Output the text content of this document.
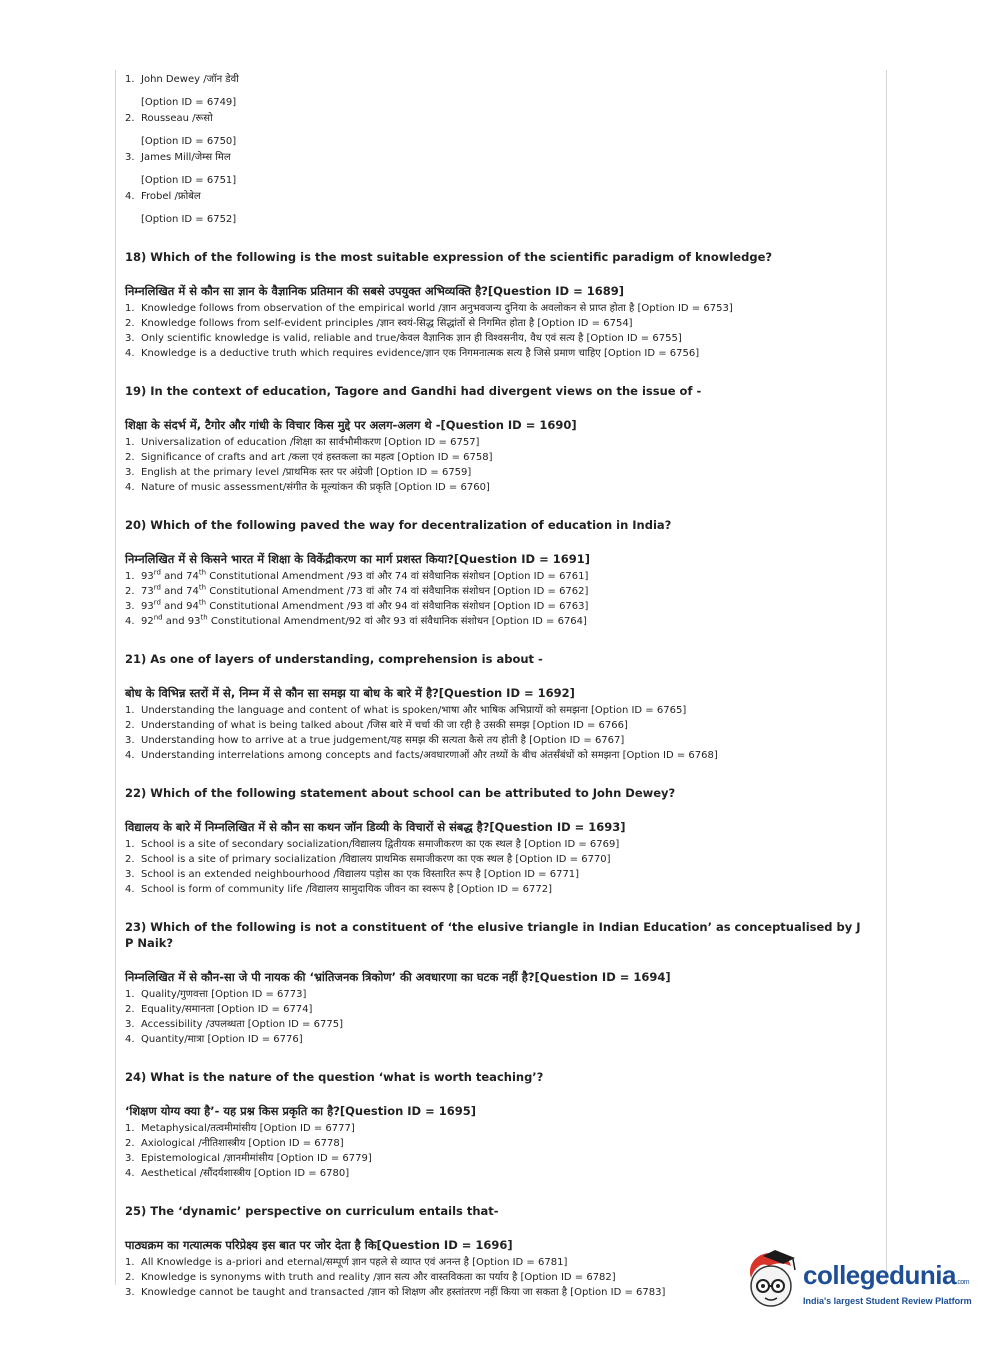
1. John Dewey /जॉन डेवी
[Option ID = 6749]
2. Rousseau /रूसो
[Option ID = 6750]
3. James Mill/जेम्स मिल
[Option ID = 6751]
4. Frobel /फ्रोबेल
[Option ID = 6752]
18) Which of the following is the most suitable expression of the scientific paradigm of knowledge?
निम्नलिखित में से कौन सा ज्ञान के वैज्ञानिक प्रतिमान की सबसे उपयुक्त अभिव्यक्ति है?[Question ID = 1689]
1. Knowledge follows from observation of the empirical world /ज्ञान अनुभवजन्य दुनिया के अवलोकन से प्राप्त होता है [Option ID = 6753]
2. Knowledge follows from self-evident principles /ज्ञान स्वयं-सिद्ध सिद्धांतों से निगमित होता है [Option ID = 6754]
3. Only scientific knowledge is valid, reliable and true/केवल वैज्ञानिक ज्ञान ही विश्वसनीय, वैध एवं सत्य है [Option ID = 6755]
4. Knowledge is a deductive truth which requires evidence/ज्ञान एक निगमनात्मक सत्य है जिसे प्रमाण चाहिए [Option ID = 6756]
19) In the context of education, Tagore and Gandhi had divergent views on the issue of -
शिक्षा के संदर्भ में, टैगोर और गांधी के विचार किस मुद्दे पर अलग-अलग थे -[Question ID = 1690]
1. Universalization of education /शिक्षा का सार्वभौमीकरण [Option ID = 6757]
2. Significance of crafts and art /कला एवं हस्तकला का महत्व [Option ID = 6758]
3. English at the primary level /प्राथमिक स्तर पर अंग्रेजी [Option ID = 6759]
4. Nature of music assessment/संगीत के मूल्यांकन की प्रकृति [Option ID = 6760]
20) Which of the following paved the way for decentralization of education in India?
निम्नलिखित में से किसने भारत में शिक्षा के विकेंद्रीकरण का मार्ग प्रशस्त किया?[Question ID = 1691]
1. 93rd and 74th Constitutional Amendment /93 वां और 74 वां संवैधानिक संशोधन [Option ID = 6761]
2. 73rd and 74th Constitutional Amendment /73 वां और 74 वां संवैधानिक संशोधन [Option ID = 6762]
3. 93rd and 94th Constitutional Amendment /93 वां और 94 वां संवैधानिक संशोधन [Option ID = 6763]
4. 92nd and 93th Constitutional Amendment/92 वां और 93 वां संवैधानिक संशोधन [Option ID = 6764]
21) As one of layers of understanding, comprehension is about -
बोध के विभिन्न स्तरों में से, निम्न में से कौन सा समझ या बोध के बारे में है?[Question ID = 1692]
1. Understanding the language and content of what is spoken/भाषा और भाषिक अभिप्रायों को समझना [Option ID = 6765]
2. Understanding of what is being talked about /जिस बारे में चर्चा की जा रही है उसकी समझ [Option ID = 6766]
3. Understanding how to arrive at a true judgement/यह समझ की सत्यता कैसे तय होती है [Option ID = 6767]
4. Understanding interrelations among concepts and facts/अवधारणाओं और तथ्यों के बीच अंतर्संबंधों को समझना [Option ID = 6768]
22) Which of the following statement about school can be attributed to John Dewey?
विद्यालय के बारे में निम्नलिखित में से कौन सा कथन जॉन डिव्यी के विचारों से संबद्ध है?[Question ID = 1693]
1. School is a site of secondary socialization/विद्यालय द्वितीयक समाजीकरण का एक स्थल है [Option ID = 6769]
2. School is a site of primary socialization /विद्यालय प्राथमिक समाजीकरण का एक स्थल है [Option ID = 6770]
3. School is an extended neighbourhood /विद्यालय पड़ोस का एक विस्तारित रूप है [Option ID = 6771]
4. School is form of community life /विद्यालय सामुदायिक जीवन का स्वरूप है [Option ID = 6772]
23) Which of the following is not a constituent of ‘the elusive triangle in Indian Education’ as conceptualised by J P Naik?
निम्नलिखित में से कौन-सा जे पी नायक की ‘भ्रांतिजनक त्रिकोण’ की अवधारणा का घटक नहीं है?[Question ID = 1694]
1. Quality/गुणवत्ता [Option ID = 6773]
2. Equality/समानता [Option ID = 6774]
3. Accessibility /उपलब्धता [Option ID = 6775]
4. Quantity/मात्रा [Option ID = 6776]
24) What is the nature of the question ‘what is worth teaching’?
‘शिक्षण योग्य क्या है’- यह प्रश्न किस प्रकृति का है?[Question ID = 1695]
1. Metaphysical/तत्वमीमांसीय [Option ID = 6777]
2. Axiological /नीतिशास्त्रीय [Option ID = 6778]
3. Epistemological /ज्ञानमीमांसीय [Option ID = 6779]
4. Aesthetical /सौंदर्यशास्त्रीय [Option ID = 6780]
25) The ‘dynamic’ perspective on curriculum entails that-
पाठ्यक्रम का गत्यात्मक परिप्रेक्ष्य इस बात पर जोर देता है कि[Question ID = 1696]
1. All Knowledge is a-priori and eternal/सम्पूर्ण ज्ञान पहले से व्याप्त एवं अनन्त है [Option ID = 6781]
2. Knowledge is synonyms with truth and reality /ज्ञान सत्य और वास्तविकता का पर्याय है [Option ID = 6782]
3. Knowledge cannot be taught and transacted /ज्ञान को शिक्षण और हस्तांतरण नहीं किया जा सकता है [Option ID = 6783]
collegedunia.com
India's largest Student Review Platform
